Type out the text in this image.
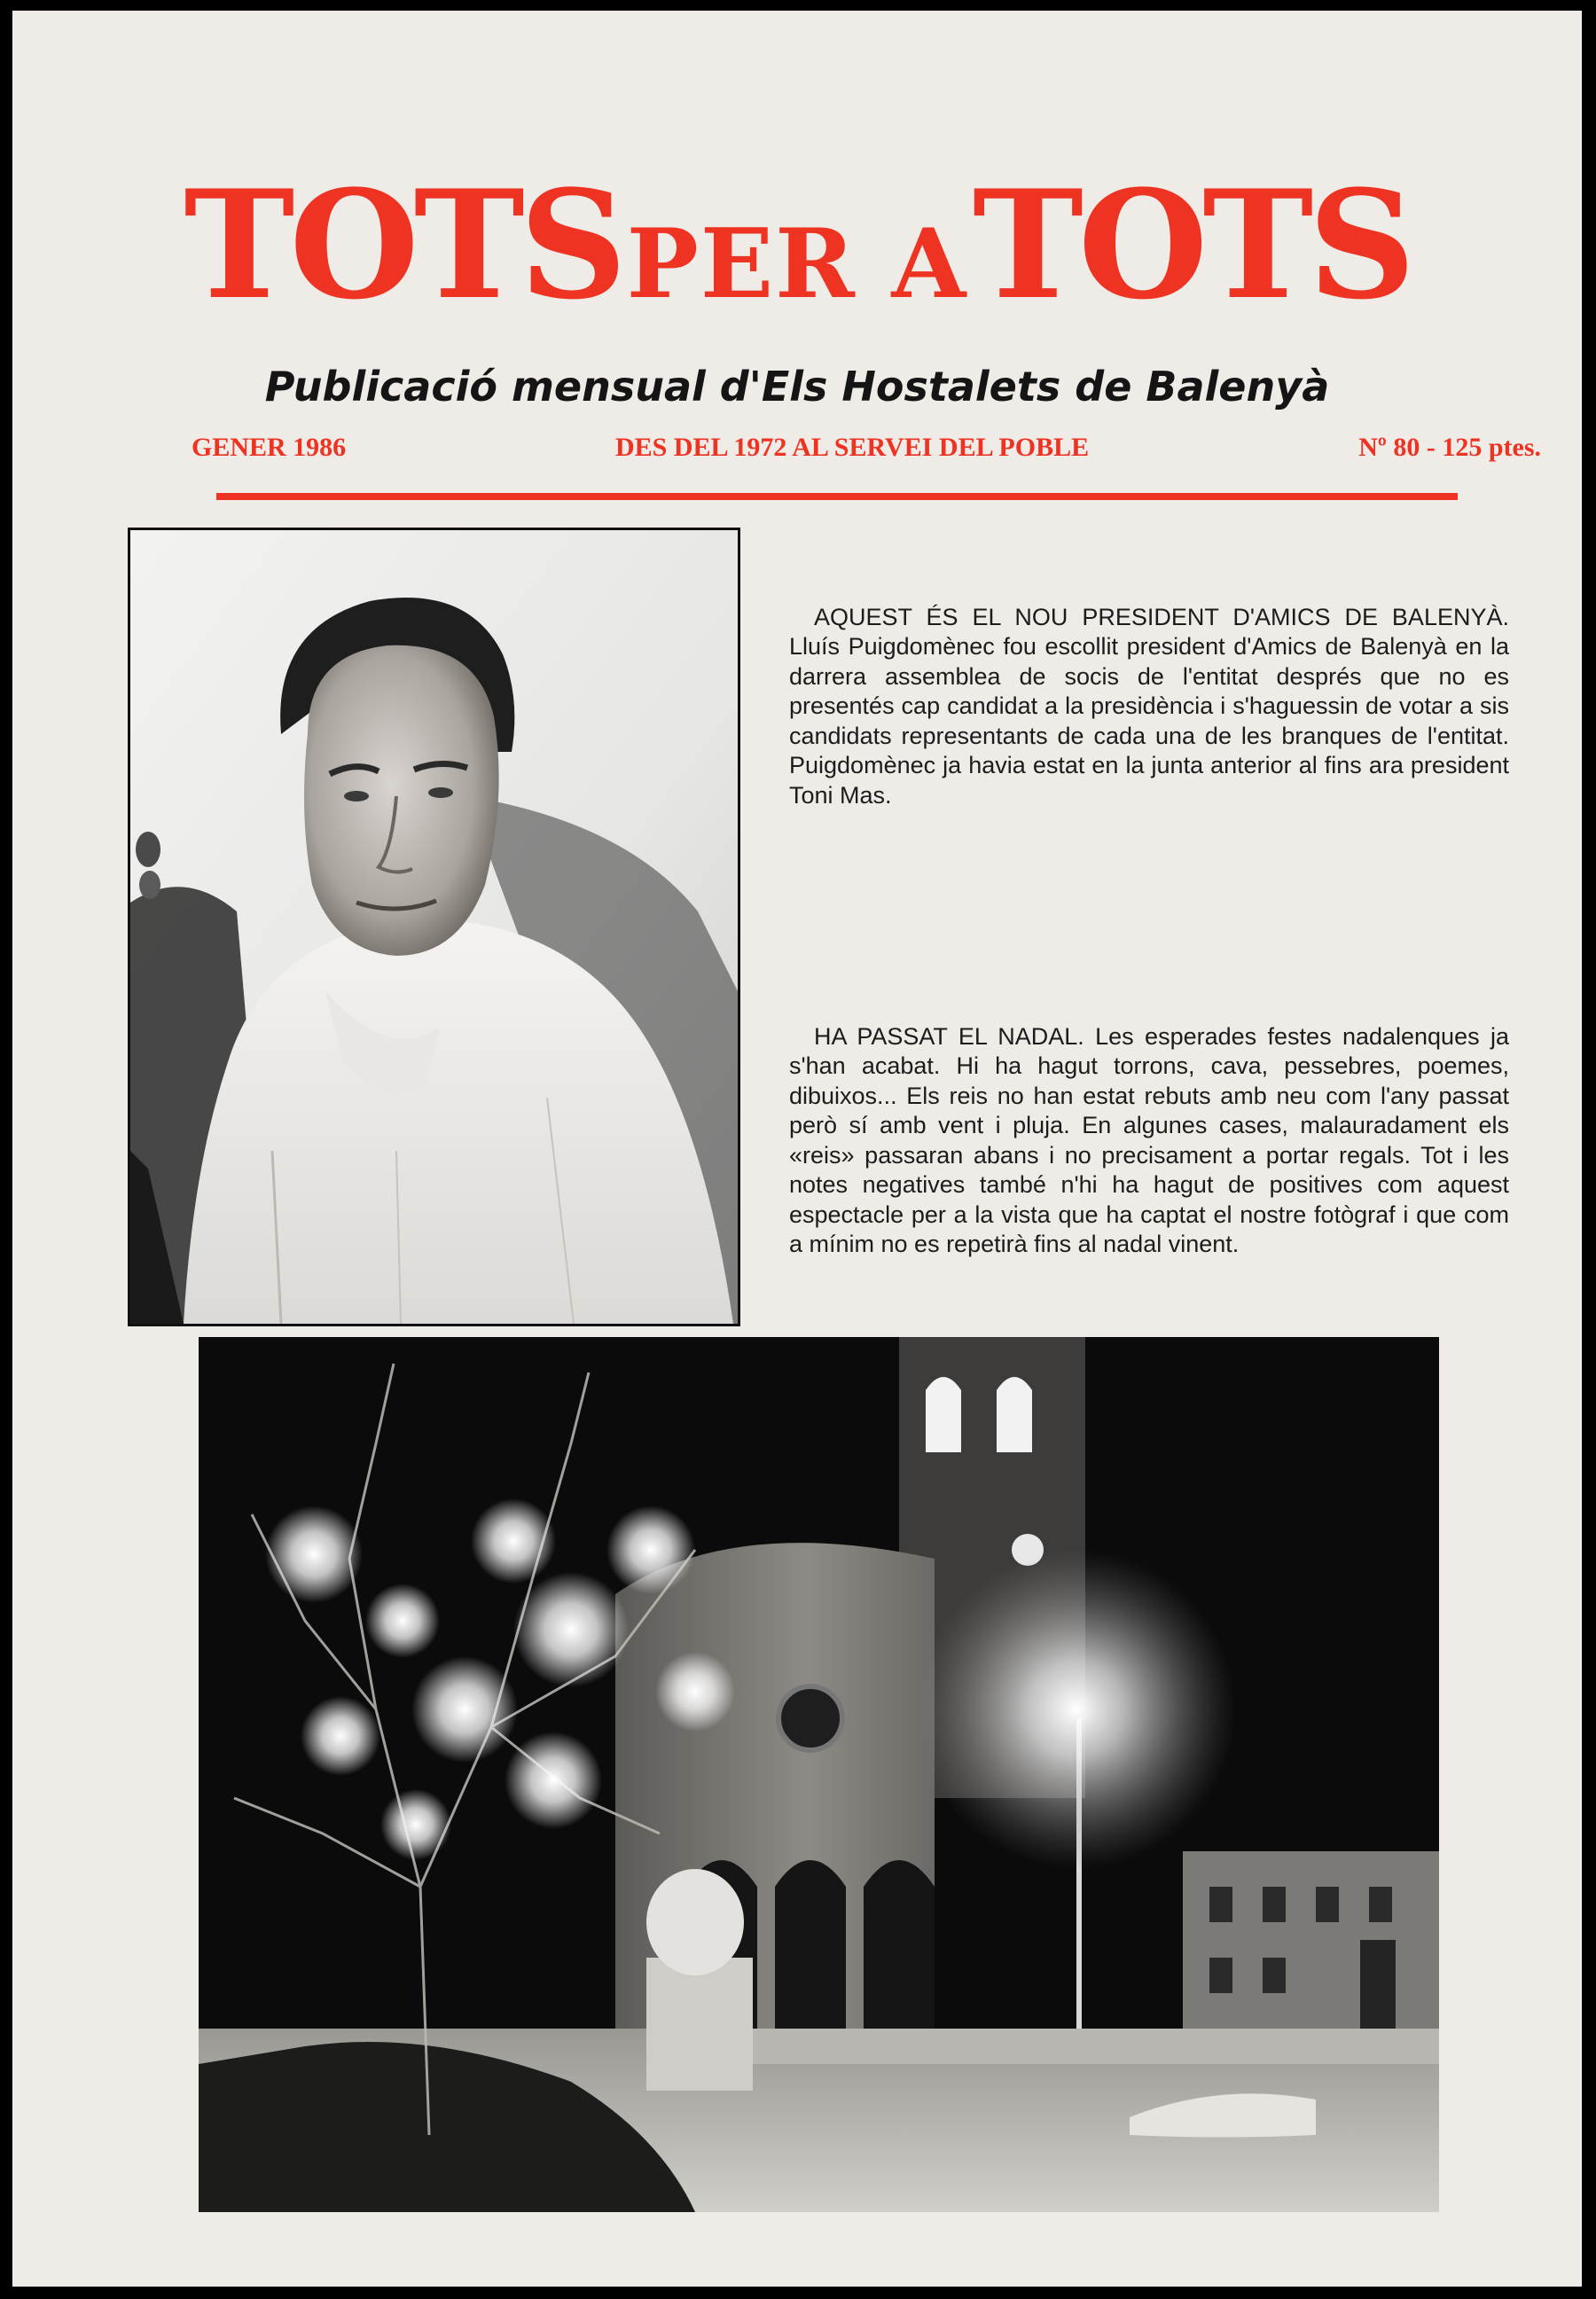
TOTS PER A TOTS
Publicació mensual d'Els Hostalets de Balenyà
GENER 1986	DES DEL 1972 AL SERVEI DEL POBLE	Nº 80 - 125 ptes.

AQUEST ÉS EL NOU PRESIDENT D'AMICS DE BALENYÀ. Lluís Puigdomènec fou escollit president d'Amics de Balenyà en la darrera assemblea de socis de l'entitat després que no es presentés cap candidat a la presidència i s'haguessin de votar a sis candidats representants de cada una de les branques de l'entitat. Puigdomènec ja havia estat en la junta anterior al fins ara president Toni Mas.

HA PASSAT EL NADAL. Les esperades festes nadalenques ja s'han acabat. Hi ha hagut torrons, cava, pessebres, poemes, dibuixos... Els reis no han estat rebuts amb neu com l'any passat però sí amb vent i pluja. En algunes cases, malauradament els «reis» passaran abans i no precisament a portar regals. Tot i les notes negatives també n'hi ha hagut de positives com aquest espectacle per a la vista que ha captat el nostre fotògraf i que com a mínim no es repetirà fins al nadal vinent.
